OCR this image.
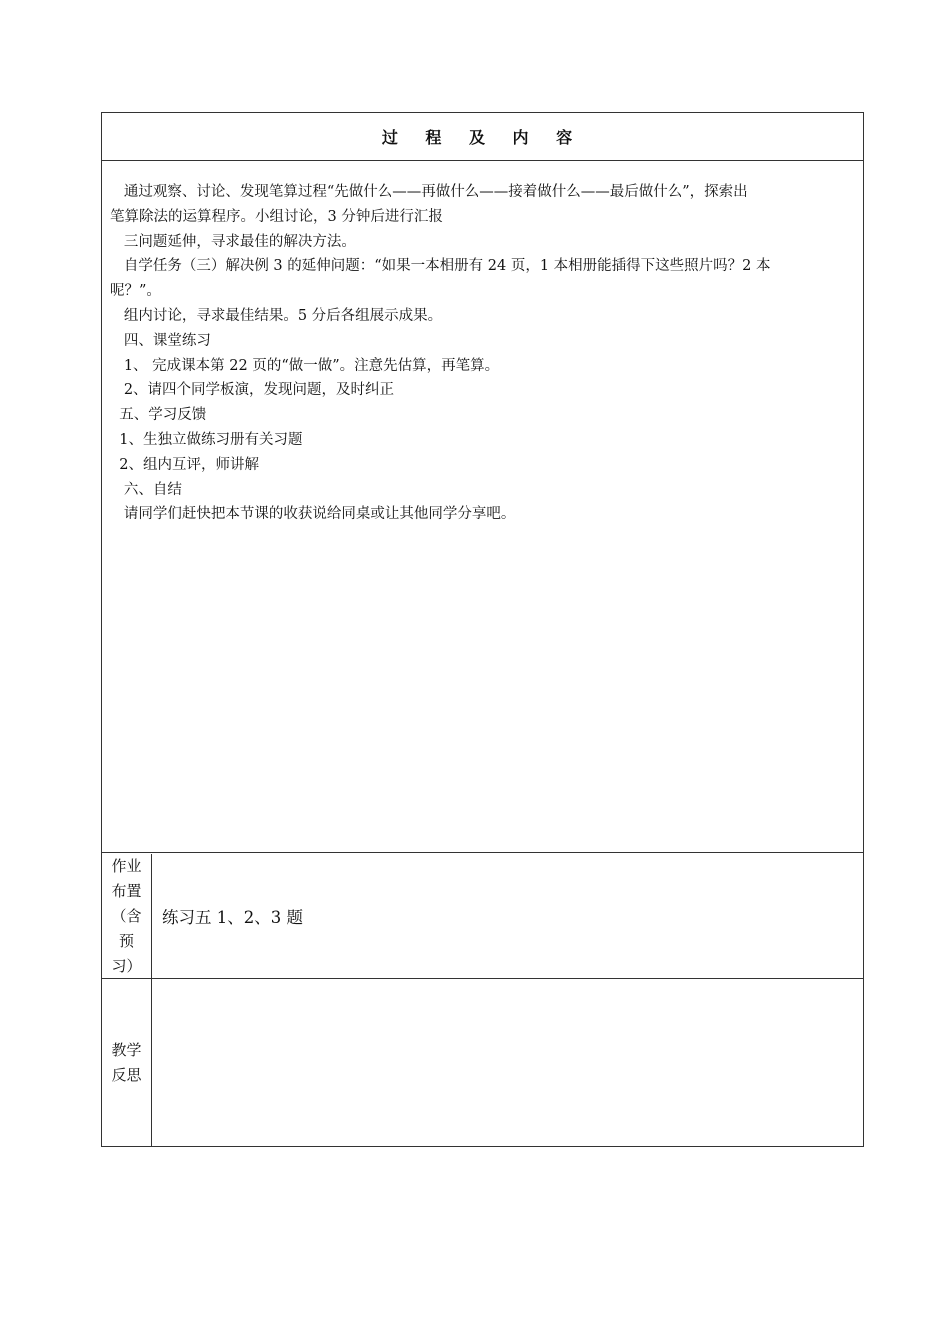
过 程 及 内 容

通过观察、讨论、发现笔算过程“先做什么——再做什么——接着做什么——最后做什么”，探索出

笔算除法的运算程序。小组讨论，3 分钟后进行汇报

三问题延伸，寻求最佳的解决方法。

自学任务（三）解决例 3 的延伸问题：“如果一本相册有 24 页，1 本相册能插得下这些照片吗？2 本

呢？”。

组内讨论，寻求最佳结果。5 分后各组展示成果。

四、课堂练习

1、 完成课本第 22 页的“做一做”。注意先估算，再笔算。

2、请四个同学板演，发现问题，及时纠正

五、学习反馈

1、生独立做练习册有关习题

2、组内互评，师讲解

六、自结

请同学们赶快把本节课的收获说给同桌或让其他同学分享吧。

作业
布置
（含
预
习）
练习五 1、2、3 题
教学
反思
